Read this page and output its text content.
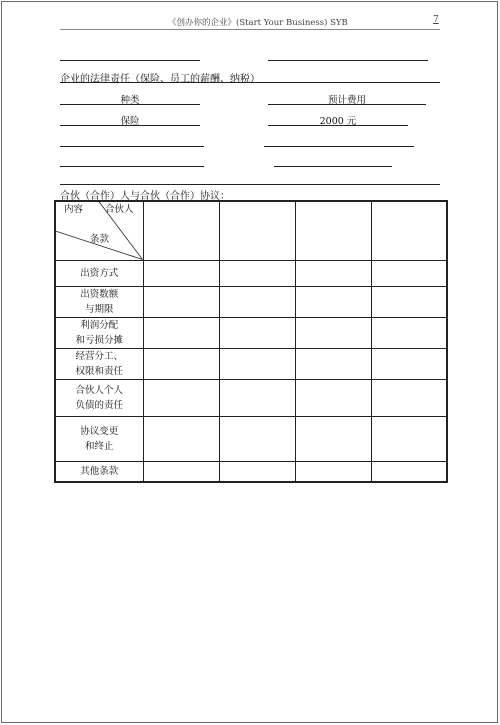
《创办你的企业》(Start Your Business) SYB	7
企业的法律责任（保险、员工的薪酬、纳税）
种类	预计费用
保险	2000 元
合伙（合作）人与合伙（合作）协议：
内容 合伙人
条款				

出资方式				

出资数额
与期限				

利润分配
和亏损分摊				

经营分工、
权限和责任				

合伙人个人
负债的责任				

协议变更
和终止				

其他条款				
